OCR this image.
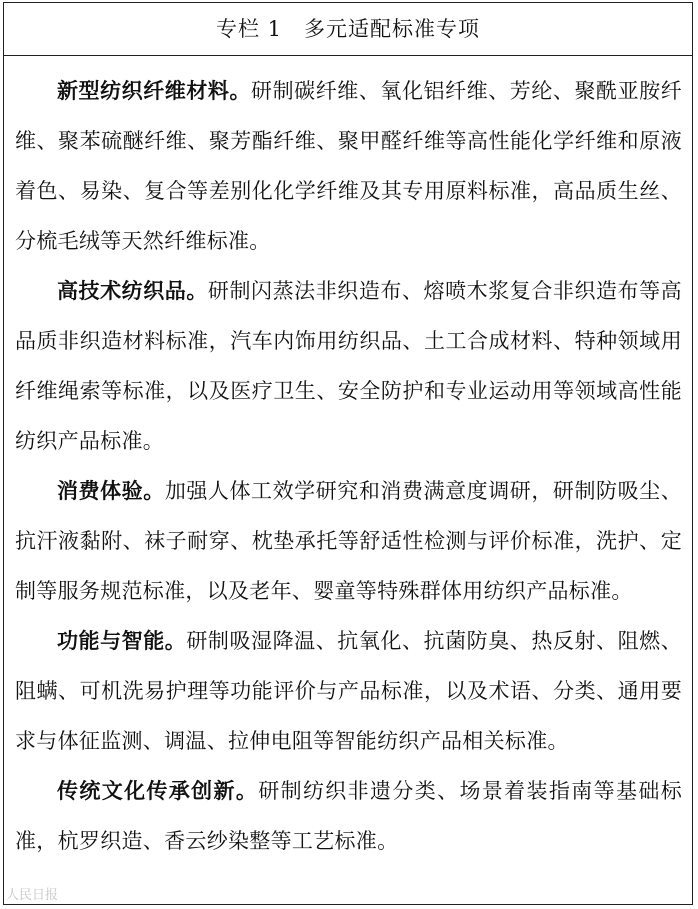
专栏 1 多元适配标准专项

新型纺织纤维材料。研制碳纤维、氧化铝纤维、芳纶、聚酰亚胺纤维、聚苯硫醚纤维、聚芳酯纤维、聚甲醛纤维等高性能化学纤维和原液着色、易染、复合等差别化化学纤维及其专用原料标准，高品质生丝、分梳毛绒等天然纤维标准。

高技术纺织品。研制闪蒸法非织造布、熔喷木浆复合非织造布等高品质非织造材料标准，汽车内饰用纺织品、土工合成材料、特种领域用纤维绳索等标准，以及医疗卫生、安全防护和专业运动用等领域高性能纺织产品标准。

消费体验。加强人体工效学研究和消费满意度调研，研制防吸尘、抗汗液黏附、袜子耐穿、枕垫承托等舒适性检测与评价标准，洗护、定制等服务规范标准，以及老年、婴童等特殊群体用纺织产品标准。

功能与智能。研制吸湿降温、抗氧化、抗菌防臭、热反射、阻燃、阻螨、可机洗易护理等功能评价与产品标准，以及术语、分类、通用要求与体征监测、调温、拉伸电阻等智能纺织产品相关标准。

传统文化传承创新。研制纺织非遗分类、场景着装指南等基础标准，杭罗织造、香云纱染整等工艺标准。

人民日报
